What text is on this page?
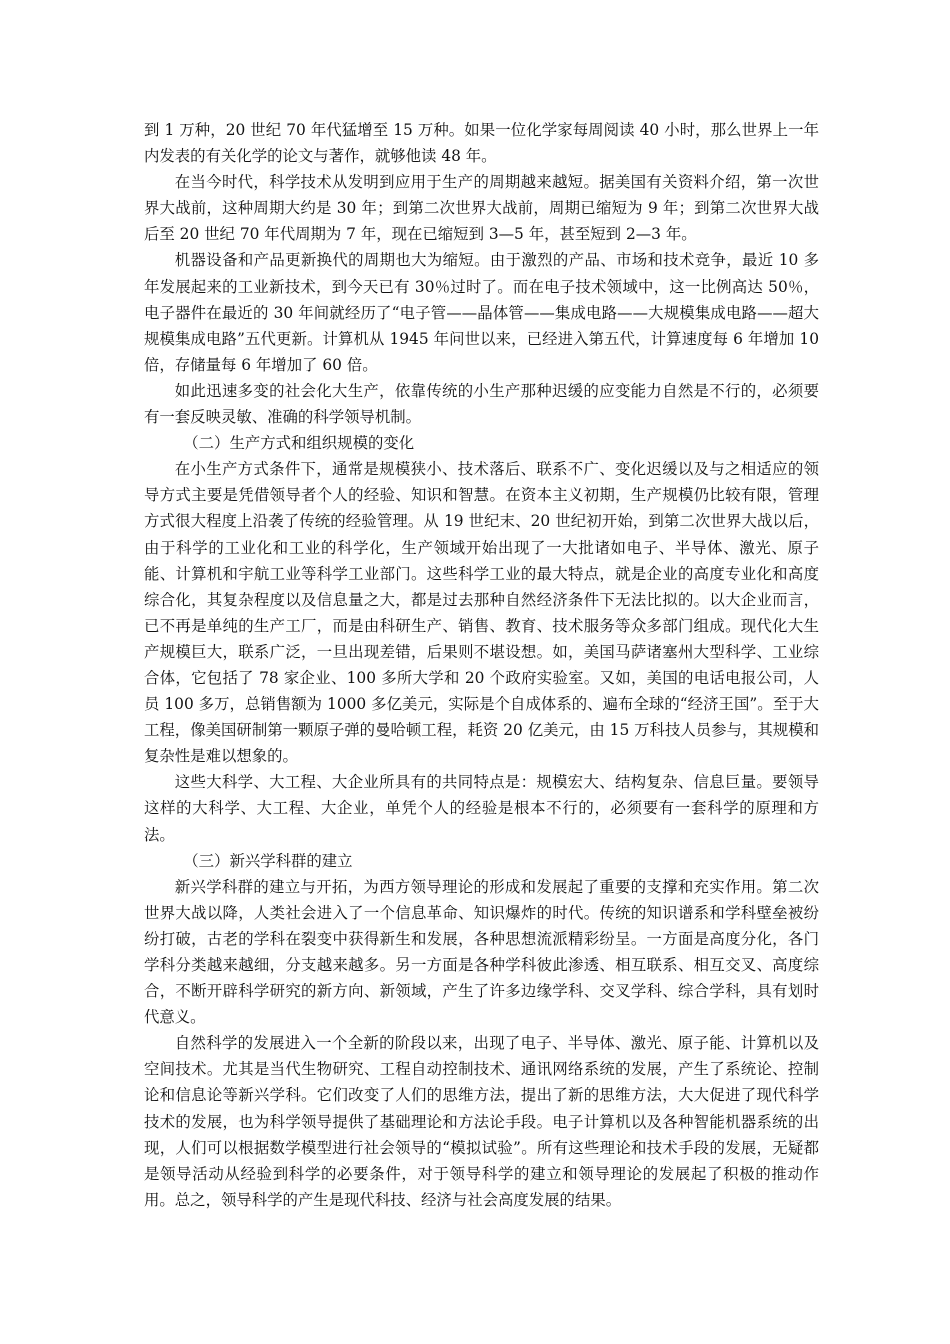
到 1 万种，20 世纪 70 年代猛增至 15 万种。如果一位化学家每周阅读 40 小时，那么世界上一年内发表的有关化学的论文与著作，就够他读 48 年。

在当今时代，科学技术从发明到应用于生产的周期越来越短。据美国有关资料介绍，第一次世界大战前，这种周期大约是 30 年；到第二次世界大战前，周期已缩短为 9 年；到第二次世界大战后至 20 世纪 70 年代周期为 7 年，现在已缩短到 3—5 年，甚至短到 2—3 年。

机器设备和产品更新换代的周期也大为缩短。由于激烈的产品、市场和技术竞争，最近 10 多年发展起来的工业新技术，到今天已有 30％过时了。而在电子技术领域中，这一比例高达 50％，电子器件在最近的 30 年间就经历了“电子管——晶体管——集成电路——大规模集成电路——超大规模集成电路”五代更新。计算机从 1945 年问世以来，已经进入第五代，计算速度每 6 年增加 10 倍，存储量每 6 年增加了 60 倍。

如此迅速多变的社会化大生产，依靠传统的小生产那种迟缓的应变能力自然是不行的，必须要有一套反映灵敏、准确的科学领导机制。

（二）生产方式和组织规模的变化

在小生产方式条件下，通常是规模狭小、技术落后、联系不广、变化迟缓以及与之相适应的领导方式主要是凭借领导者个人的经验、知识和智慧。在资本主义初期，生产规模仍比较有限，管理方式很大程度上沿袭了传统的经验管理。从 19 世纪末、20 世纪初开始，到第二次世界大战以后，由于科学的工业化和工业的科学化，生产领域开始出现了一大批诸如电子、半导体、激光、原子能、计算机和宇航工业等科学工业部门。这些科学工业的最大特点，就是企业的高度专业化和高度综合化，其复杂程度以及信息量之大，都是过去那种自然经济条件下无法比拟的。以大企业而言，已不再是单纯的生产工厂，而是由科研生产、销售、教育、技术服务等众多部门组成。现代化大生产规模巨大，联系广泛，一旦出现差错，后果则不堪设想。如，美国马萨诸塞州大型科学、工业综合体，它包括了 78 家企业、100 多所大学和 20 个政府实验室。又如，美国的电话电报公司，人员 100 多万，总销售额为 1000 多亿美元，实际是个自成体系的、遍布全球的“经济王国”。至于大工程，像美国研制第一颗原子弹的曼哈顿工程，耗资 20 亿美元，由 15 万科技人员参与，其规模和复杂性是难以想象的。

这些大科学、大工程、大企业所具有的共同特点是：规模宏大、结构复杂、信息巨量。要领导这样的大科学、大工程、大企业，单凭个人的经验是根本不行的，必须要有一套科学的原理和方法。

（三）新兴学科群的建立

新兴学科群的建立与开拓，为西方领导理论的形成和发展起了重要的支撑和充实作用。第二次世界大战以降，人类社会进入了一个信息革命、知识爆炸的时代。传统的知识谱系和学科壁垒被纷纷打破，古老的学科在裂变中获得新生和发展，各种思想流派精彩纷呈。一方面是高度分化，各门学科分类越来越细，分支越来越多。另一方面是各种学科彼此渗透、相互联系、相互交叉、高度综合，不断开辟科学研究的新方向、新领域，产生了许多边缘学科、交叉学科、综合学科，具有划时代意义。

自然科学的发展进入一个全新的阶段以来，出现了电子、半导体、激光、原子能、计算机以及空间技术。尤其是当代生物研究、工程自动控制技术、通讯网络系统的发展，产生了系统论、控制论和信息论等新兴学科。它们改变了人们的思维方法，提出了新的思维方法，大大促进了现代科学技术的发展，也为科学领导提供了基础理论和方法论手段。电子计算机以及各种智能机器系统的出现，人们可以根据数学模型进行社会领导的“模拟试验”。所有这些理论和技术手段的发展，无疑都是领导活动从经验到科学的必要条件，对于领导科学的建立和领导理论的发展起了积极的推动作用。总之，领导科学的产生是现代科技、经济与社会高度发展的结果。
